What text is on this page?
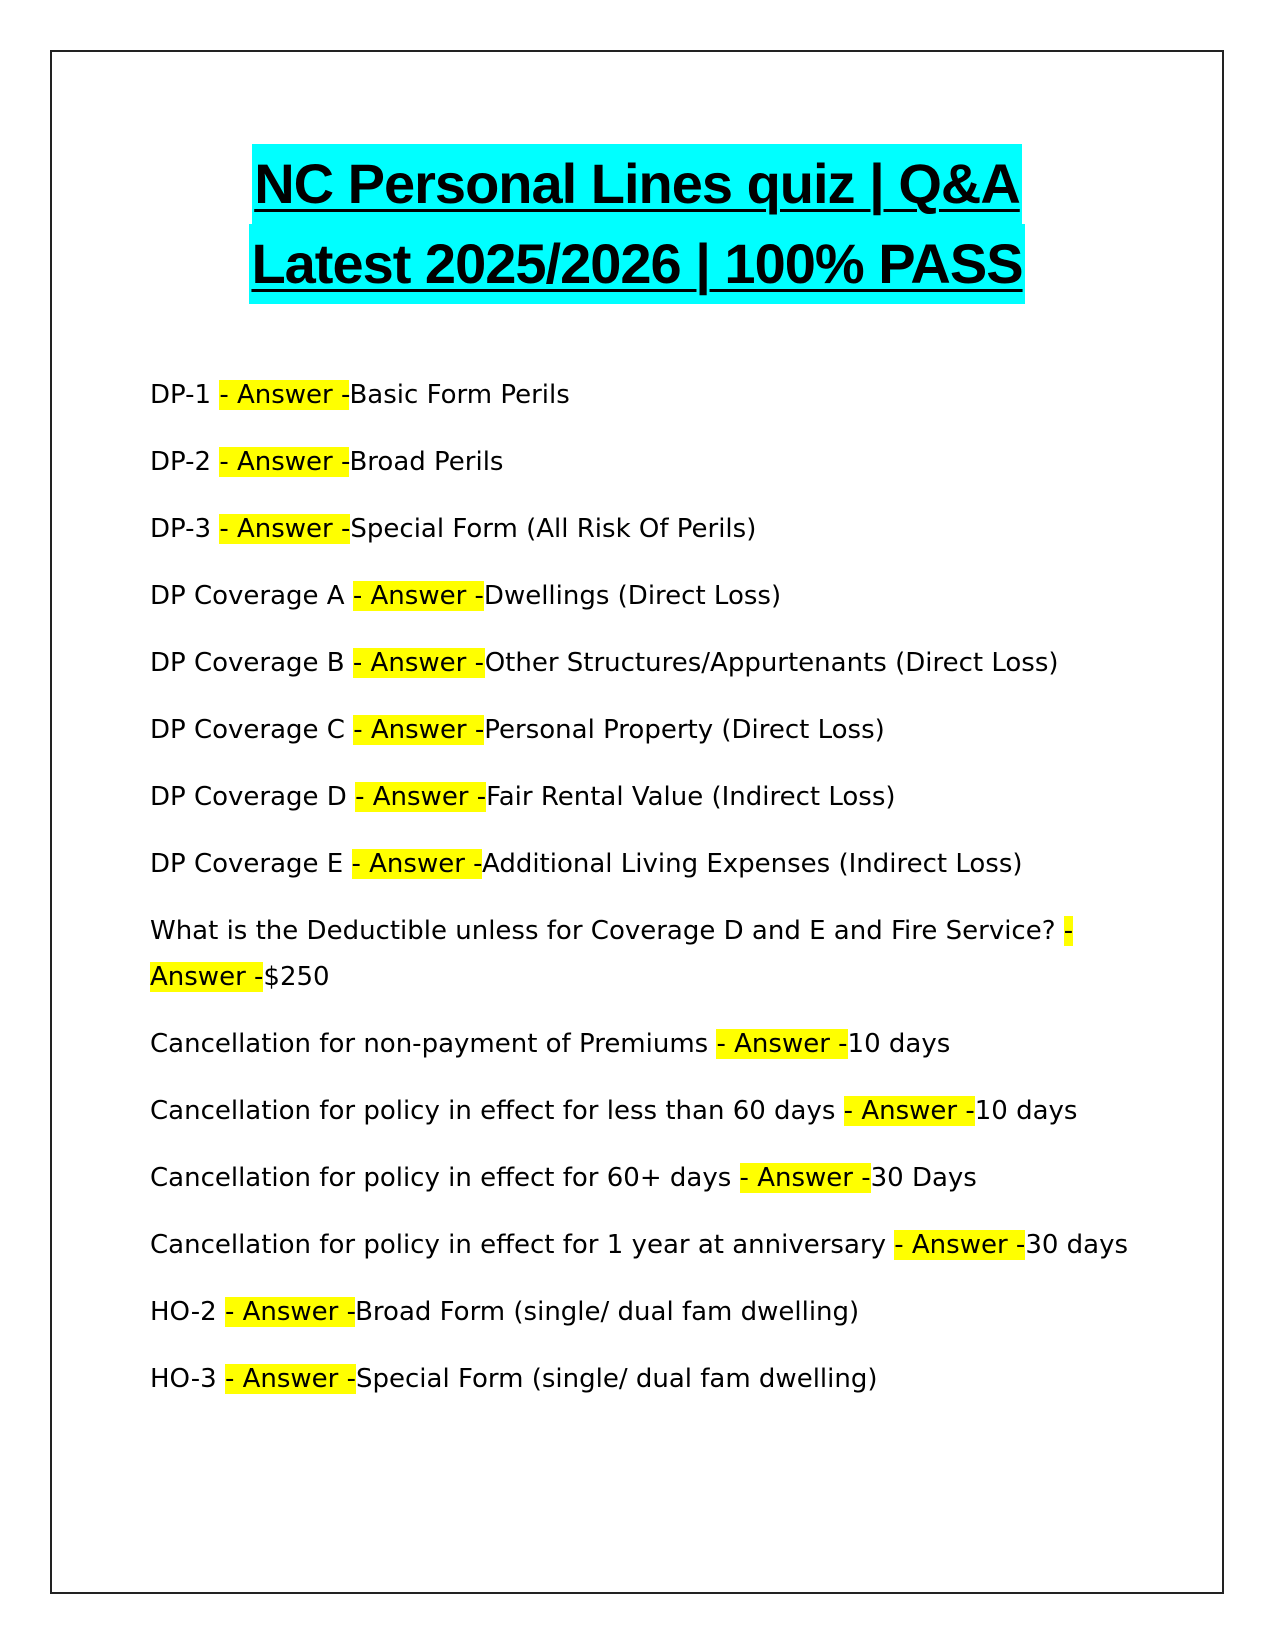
NC Personal Lines quiz | Q&A
Latest 2025/2026 | 100% PASS

DP-1 - Answer -Basic Form Perils

DP-2 - Answer -Broad Perils

DP-3 - Answer -Special Form (All Risk Of Perils)

DP Coverage A - Answer -Dwellings (Direct Loss)

DP Coverage B - Answer -Other Structures/Appurtenants (Direct Loss)

DP Coverage C - Answer -Personal Property (Direct Loss)

DP Coverage D - Answer -Fair Rental Value (Indirect Loss)

DP Coverage E - Answer -Additional Living Expenses (Indirect Loss)

What is the Deductible unless for Coverage D and E and Fire Service? - Answer -$250

Cancellation for non-payment of Premiums - Answer -10 days

Cancellation for policy in effect for less than 60 days - Answer -10 days

Cancellation for policy in effect for 60+ days - Answer -30 Days

Cancellation for policy in effect for 1 year at anniversary - Answer -30 days

HO-2 - Answer -Broad Form (single/ dual fam dwelling)

HO-3 - Answer -Special Form (single/ dual fam dwelling)
